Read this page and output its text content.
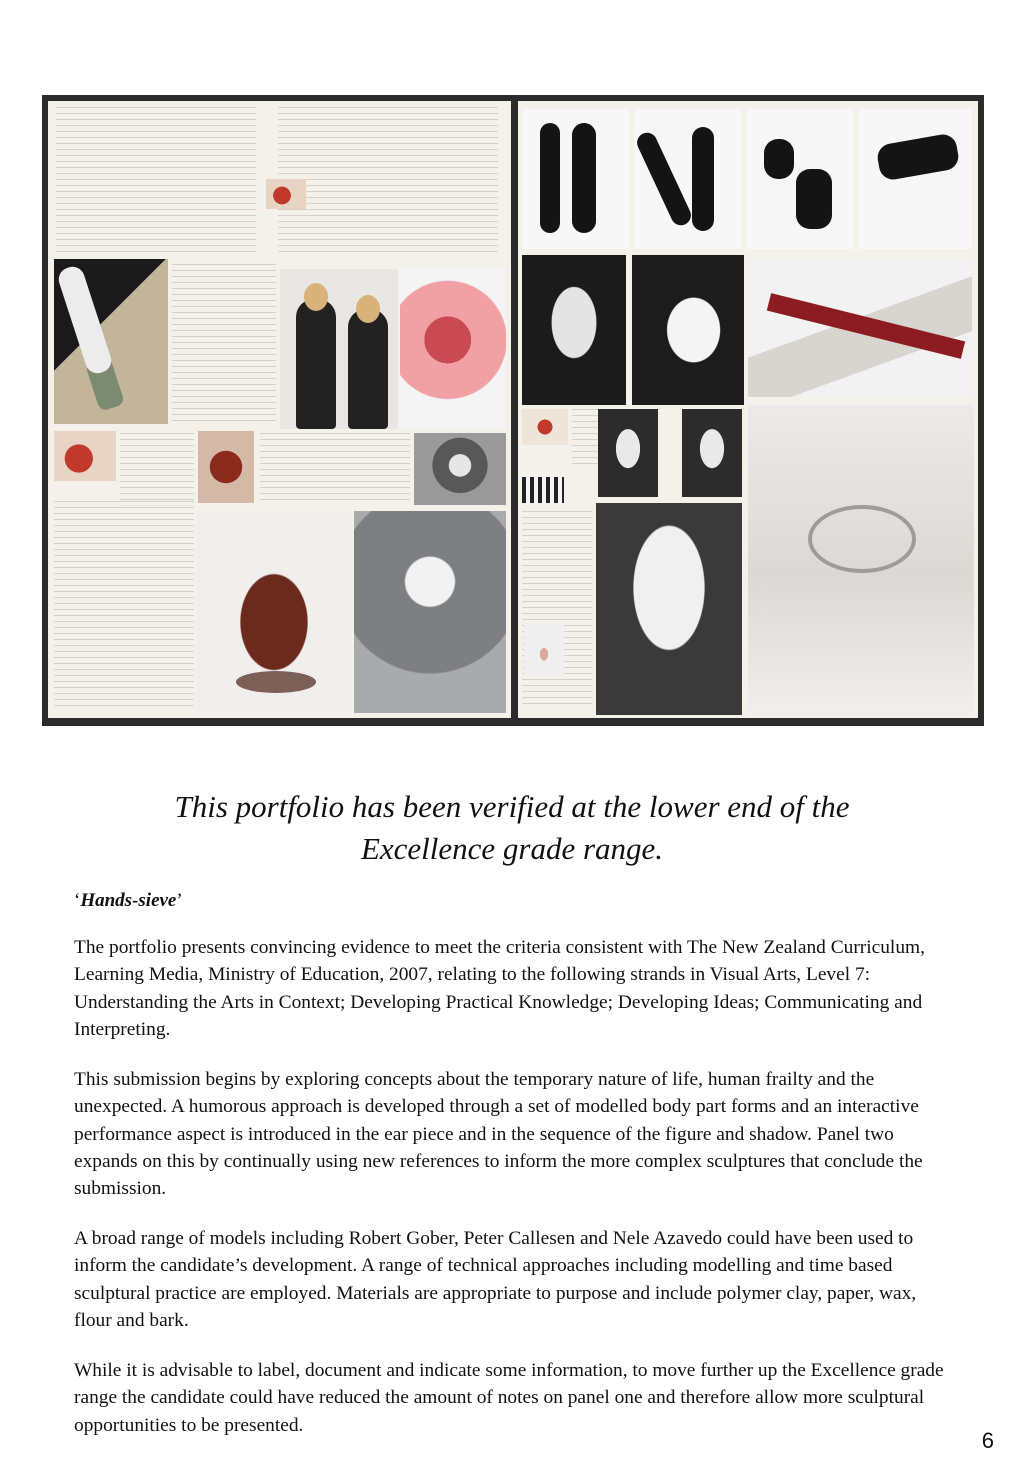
This portfolio has been verified at the lower end of the
Excellence grade range.

‘Hands-sieve’

The portfolio presents convincing evidence to meet the criteria consistent with The New Zealand Curriculum, Learning Media, Ministry of Education, 2007, relating to the following strands in Visual Arts, Level 7: Understanding the Arts in Context; Developing Practical Knowledge; Developing Ideas; Communicating and Interpreting.

This submission begins by exploring concepts about the temporary nature of life, human frailty and the unexpected. A humorous approach is developed through a set of modelled body part forms and an interactive performance aspect is introduced in the ear piece and in the sequence of the figure and shadow. Panel two expands on this by continually using new references to inform the more complex sculptures that conclude the submission.

A broad range of models including Robert Gober, Peter Callesen and Nele Azavedo could have been used to inform the candidate’s development. A range of technical approaches including modelling and time based sculptural practice are employed. Materials are appropriate to purpose and include polymer clay, paper, wax, flour and bark.

While it is advisable to label, document and indicate some information, to move further up the Excellence grade range the candidate could have reduced the amount of notes on panel one and therefore allow more sculptural opportunities to be presented.

6
